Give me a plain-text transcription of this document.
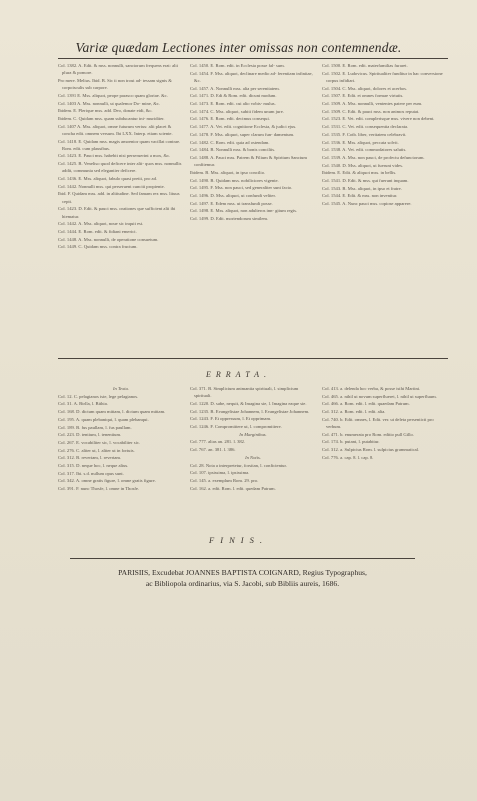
Variæ quædam Lectiones inter omissas non contemnendæ.

Col. 1382. A. Edit. & mss. nonnulli, sanctorum frequens erat: alii plura & pomore.

Pro mere. Melius. Ibid. B. Sic ii non trout ad- tessam signis & corpoisculis sub carpore.

Col. 1391 E. Mss. aliquot, peope parasco quam gloriae. &c.

Col. 1403 A. Mss. nonnulli, ut qualemor Do- mine, &c.

Ibidem. E. Plerique mss. add. Deo, donate eidi, &c.

Ibidem. C. Quidam mss. quam subducantur ini- muriditer.

Col. 1407 A. Mss. aliquot, omne futurum verius: alii placet & concha edit. omnem versum. Ibi LXX. Interp. etiam sciente.

Col. 1418. E. Quidam mss. magis amoenior quam vacillat contrae. Rom. edit. cum plausibus.

Col. 1423. E. Pauci mss. habebit nisi perseruerint a mox, &c.

Col. 1425. B. Veneliso quod deficere inter alii- quos mss. nonnullis addit, communia sed elegantier deficere.

Col. 1436. E. Mss. aliquot, fabulo quasi pretii, pro ad.

Col. 1442. Nonnulli mss. qui perseruent cunciti propiente.

Ibid. F. Quidam mss. add. in altitudine. Sed famam rex mss. lituus cepit.

Col. 1423. D. Edit. & pauci mss. orationes que sufficient alii ibi hiematur.

Col. 1442. A. Mss. aliquot, noue sic inquit est.

Col. 1444. E. Rom. edit. & fidiani emerici.

Col. 1448. A. Mss. nonnulli, de operatione consuetum.

Col. 1449. C. Quidam mss. contra fructum.

Col. 1450. E. Rom. edit. in Ecclesia posse fal- sum.

Col. 1454. F. Mss. aliquot, declinare medio ad- ferentiam infinitae, &c.

Col. 1457. A. Nonnulli mss. alia per serenitatem.

Col. 1471. D. Edi & Rom. edit. dicunt modum.

Col. 1473. E. Rom. edit. cui alio vobis- mulus.

Col. 1474. C. Mss. aliquot, subiti fidem unum jure.

Col. 1476. E. Rom. edit. decimus consequi.

Col. 1477. A. Vet. edit. cognitione Ecclesia, & judici ejus.

Col. 1478. F. Mss. aliquot, super clarum fun- damentum.

Col. 1482. C. Rom. edit. quia ad ostendam.

Col. 1484. B. Nonnulli mss. & bonis conciliis.

Col. 1488. A. Pauci mss. Patrem & Filium & Spiritum Sanctum confitemur.

Ibidem. B. Mss. aliquot, in ipso concilio.

Col. 1490. B. Quidam mss. nobiliciores vigente.

Col. 1495. F. Mss. non pauci, sed generaliter sunt facto.

Col. 1496. D. Mss. aliquot, ut confundi veliter.

Col. 1497. E. Edem mss. ut transfundi posse.

Col. 1498. E. Mss. aliquot, non adulteros inn- gitum regis.

Col. 1499. D. Edit. moriendorum similem.

Col. 1500. E. Rom. edit. materfamilias furaret.

Col. 1502. E. Ludovicus. Spiritualiter funditur in hac conversione corpus infidiari.

Col. 1504. C. Mss. aliquot, dolores et acerbos.

Col. 1507. E. Edit. et omnes formae virtutis.

Col. 1509. A. Mss. nonnulli, vententes patere per eum.

Col. 1509. C. Edit. & pauci mss. non animos reputat.

Col. 1523. E. Vet. edit. complerisque mss. vivere non debent.

Col. 1531. C. Vet. edit. consequentia declarata.

Col. 1535. F. Cotb. liber, veritatem celebravit.

Col. 1536. E. Mss. aliquot, peccata solvit.

Col. 1538. A. Vet. edit. commodatores salutis.

Col. 1539. A. Mss. non pauci, de profectu defunctorum.

Col. 1540. D. Mss. aliquot, ut fuerunt vides.

Ibidem. E. Edit. & aliquot mss. in bellis.

Col. 1541. D. Edit. & mss. qui fuerunt inquam.

Col. 1543. B. Mss. aliquot, in ipso et fratre.

Col. 1544. E. Edit. & mss. non invenitur.

Col. 1545. A. Nunc pauci mss. copiose apparere.

ERRATA.

In Textu.

Col. 12. C. pelagianos iste, lege pelagianos.

Col. 31. A. Birlla, l. Bithia.

Col. 168. D. dictum quam mittam, l. dictum quam mittam.

Col. 195. A. quam plebaniqui, l. quam plebanqui.

Col. 189. B. fus paullam, l. fus paullam.

Col. 223. D. tentium, l. tenentium.

Col. 267. E. vocabiliter sic, l. vocabiliter sic.

Col. 276. C. aliter ut, l. aliter ut in fortuis.

Col. 312. B. revertam, l. revertam.

Col. 315. D. neque hoc, l. neque alius.

Col. 317. Ibi. s.d. nullum opus sunt.

Col. 342. A. omne gratis figure, l. omne gratis figure.

Col. 391. F. nunc Thosfe, l. omne in Thosfe.

Col. 371. B. Simplicium animantia spirituali, l. simplicium spirituali.

Col. 1220. D. sabe, nequit, & Imagina sie, l. Imagina eaque sie.

Col. 1235. B. Evangelistae Johannem, l. Evangelistae Johannem.

Col. 1243. F. Et oppressum, l. Et opprimam.

Col. 1246. F. Compromittere ut, l. compromittere.

In Marginibus.

Col. 777. alias an. 281. l. 382.

Col. 767. an. 381. l. 386.

In Notis.

Col. 28. Nota a interpretetur, forsitan, l. conficientur.

Col. 107. ipsissima, l. ipsissima.

Col. 145. a. exemplum Rom. 29. pro.

Col. 162. a. edit. Rom. l. edit. quedam Patrum.

Col. 413. a. delenda hoc verba, & posse isthi Martini.

Col. 465. a. nihil ut novum superflueret, l. nihil ut superfluum.

Col. 466. a. Rom. edit. l. edit. quaedam Patrum.

Col. 312. a. Rom. edit. l. edit. alia.

Col. 740. b. Edit. omnes, l. Edit. ver. ut deleta persenticti pro verbum.

Col. 471. b. enumerata pro Rom. editio pull Gillo.

Col. 174. b. putant, l. putabitur.

Col. 312. a. Sulpicius Rom. l. sulpicius grammatical.

Col. 776. a. cap. 8. l. cap. 8.

FINIS.
PARISIIS, Excudebat JOANNES BAPTISTA COIGNARD, Regius Typographus,
ac Bibliopola ordinarius, via S. Jacobi, sub Bibliis aureis, 1686.
